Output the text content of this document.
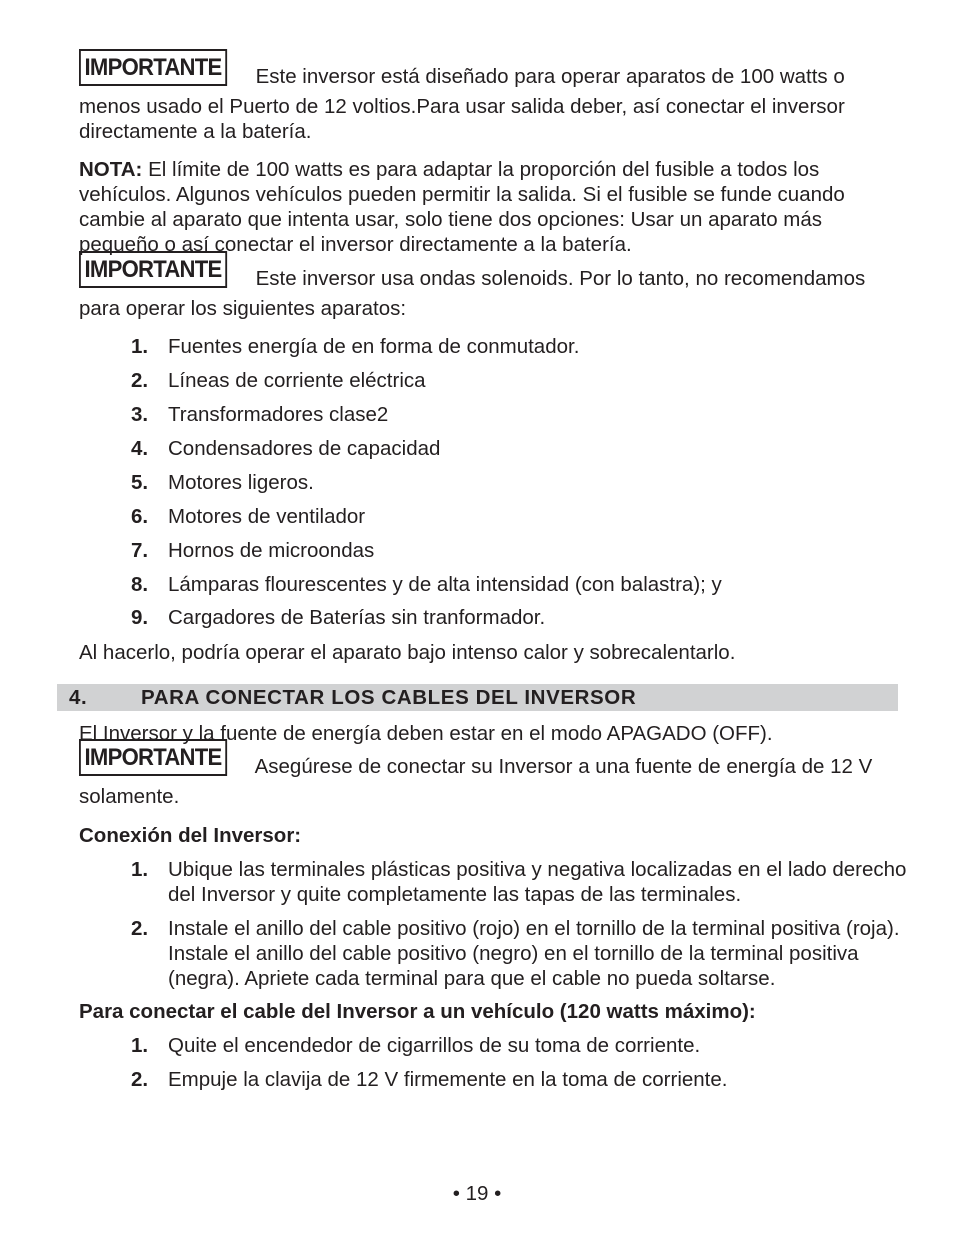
IMPORTANTE Este inversor está diseñado para operar aparatos de 100 watts o menos usado el Puerto de 12 voltios.Para usar salida deber, así conectar el inversor directamente a la batería.
NOTA: El límite de 100 watts es para adaptar la proporción del fusible a todos los vehículos. Algunos vehículos pueden permitir la salida. Si el fusible se funde cuando cambie al aparato que intenta usar, solo tiene dos opciones: Usar un aparato más pequeño o así conectar el inversor directamente a la batería.
IMPORTANTE Este inversor usa ondas solenoids. Por lo tanto, no recomendamos para operar los siguientes aparatos:
1. Fuentes energía de en forma de conmutador.
2. Líneas de corriente eléctrica
3. Transformadores clase2
4. Condensadores de capacidad
5. Motores ligeros.
6. Motores de ventilador
7. Hornos de microondas
8. Lámparas flourescentes y de alta intensidad (con balastra); y
9. Cargadores de Baterías sin tranformador.
Al hacerlo, podría operar el aparato bajo intenso calor y sobrecalentarlo.
4.	PARA CONECTAR LOS CABLES DEL INVERSOR
El Inversor y la fuente de energía deben estar en el modo APAGADO (OFF).
IMPORTANTE Asegúrese de conectar su Inversor a una fuente de energía de 12 V solamente.
Conexión del Inversor:
1. Ubique las terminales plásticas positiva y negativa localizadas en el lado derecho del Inversor y quite completamente las tapas de las terminales.
2. Instale el anillo del cable positivo (rojo) en el tornillo de la terminal positiva (roja). Instale el anillo del cable positivo (negro) en el tornillo de la terminal positiva (negra). Apriete cada terminal para que el cable no pueda soltarse.
Para conectar el cable del Inversor a un vehículo (120 watts máximo):
1. Quite el encendedor de cigarrillos de su toma de corriente.
2. Empuje la clavija de 12 V firmemente en la toma de corriente.
• 19 •
